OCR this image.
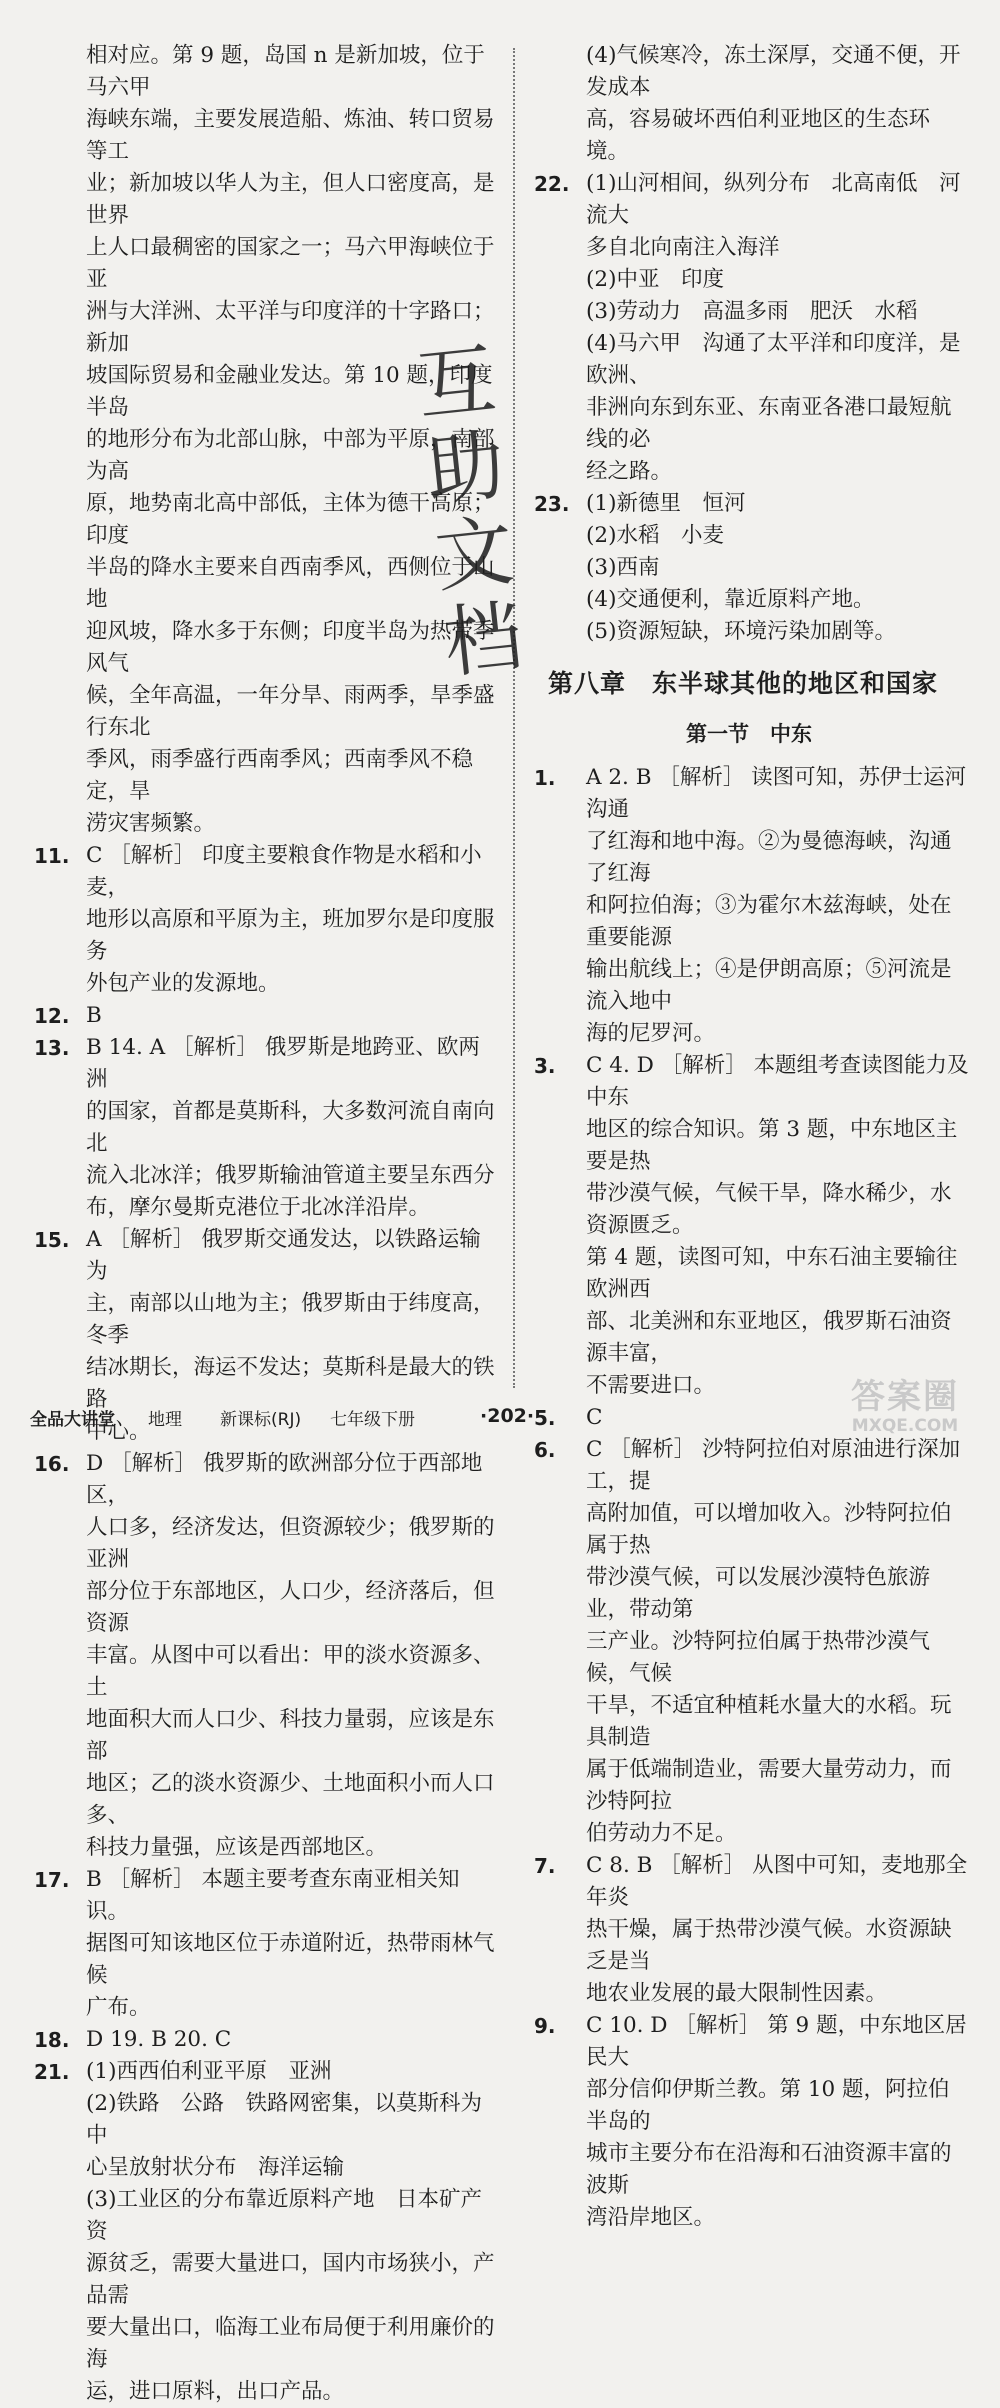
相对应。第 9 题，岛国 n 是新加坡，位于马六甲

海峡东端，主要发展造船、炼油、转口贸易等工

业；新加坡以华人为主，但人口密度高，是世界

上人口最稠密的国家之一；马六甲海峡位于亚

洲与大洋洲、太平洋与印度洋的十字路口；新加

坡国际贸易和金融业发达。第 10 题，印度半岛

的地形分布为北部山脉，中部为平原，南部为高

原，地势南北高中部低，主体为德干高原；印度

半岛的降水主要来自西南季风，西侧位于山地

迎风坡，降水多于东侧；印度半岛为热带季风气

候，全年高温，一年分旱、雨两季，旱季盛行东北

季风，雨季盛行西南季风；西南季风不稳定，旱

涝灾害频繁。

11. C ［解析］ 印度主要粮食作物是水稻和小麦，
地形以高原和平原为主，班加罗尔是印度服务
外包产业的发源地。
12. B
13. B 14. A ［解析］ 俄罗斯是地跨亚、欧两洲
的国家，首都是莫斯科，大多数河流自南向北
流入北冰洋；俄罗斯输油管道主要呈东西分
布，摩尔曼斯克港位于北冰洋沿岸。
15. A ［解析］ 俄罗斯交通发达，以铁路运输为
主，南部以山地为主；俄罗斯由于纬度高，冬季
结冰期长，海运不发达；莫斯科是最大的铁路
中心。
16. D ［解析］ 俄罗斯的欧洲部分位于西部地区，
人口多，经济发达，但资源较少；俄罗斯的亚洲
部分位于东部地区，人口少，经济落后，但资源
丰富。从图中可以看出：甲的淡水资源多、土
地面积大而人口少、科技力量弱，应该是东部
地区；乙的淡水资源少、土地面积小而人口多、
科技力量强，应该是西部地区。
17. B ［解析］ 本题主要考查东南亚相关知识。
据图可知该地区位于赤道附近，热带雨林气候
广布。
18. D 19. B 20. C
21. (1)西西伯利亚平原　亚洲
(2)铁路　公路　铁路网密集，以莫斯科为中
心呈放射状分布　海洋运输
(3)工业区的分布靠近原料产地　日本矿产资
源贫乏，需要大量进口，国内市场狭小，产品需
要大量出口，临海工业布局便于利用廉价的海
运，进口原料，出口产品。

(4)气候寒冷，冻土深厚，交通不便，开发成本

高，容易破坏西伯利亚地区的生态环境。

22. (1)山河相间，纵列分布　北高南低　河流大
多自北向南注入海洋
(2)中亚　印度
(3)劳动力　高温多雨　肥沃　水稻
(4)马六甲　沟通了太平洋和印度洋，是欧洲、
非洲向东到东亚、东南亚各港口最短航线的必
经之路。
23. (1)新德里　恒河
(2)水稻　小麦
(3)西南
(4)交通便利，靠近原料产地。
(5)资源短缺，环境污染加剧等。
第八章　东半球其他的地区和国家
第一节　中东
1. A 2. B ［解析］ 读图可知，苏伊士运河沟通
了红海和地中海。②为曼德海峡，沟通了红海
和阿拉伯海；③为霍尔木兹海峡，处在重要能源
输出航线上；④是伊朗高原；⑤河流是流入地中
海的尼罗河。
3. C 4. D ［解析］ 本题组考查读图能力及中东
地区的综合知识。第 3 题，中东地区主要是热
带沙漠气候，气候干旱，降水稀少，水资源匮乏。
第 4 题，读图可知，中东石油主要输往欧洲西
部、北美洲和东亚地区，俄罗斯石油资源丰富，
不需要进口。
5. C
6. C ［解析］ 沙特阿拉伯对原油进行深加工，提
高附加值，可以增加收入。沙特阿拉伯属于热
带沙漠气候，可以发展沙漠特色旅游业，带动第
三产业。沙特阿拉伯属于热带沙漠气候，气候
干旱，不适宜种植耗水量大的水稻。玩具制造
属于低端制造业，需要大量劳动力，而沙特阿拉
伯劳动力不足。
7. C 8. B ［解析］ 从图中可知，麦地那全年炎
热干燥，属于热带沙漠气候。水资源缺乏是当
地农业发展的最大限制性因素。
9. C 10. D ［解析］ 第 9 题，中东地区居民大
部分信仰伊斯兰教。第 10 题，阿拉伯半岛的
城市主要分布在沿海和石油资源丰富的波斯
湾沿岸地区。
互
助
文
档
全品大讲堂 地理 新课标(RJ) 七年级下册	·202·	答案圈
MXQE.COM
